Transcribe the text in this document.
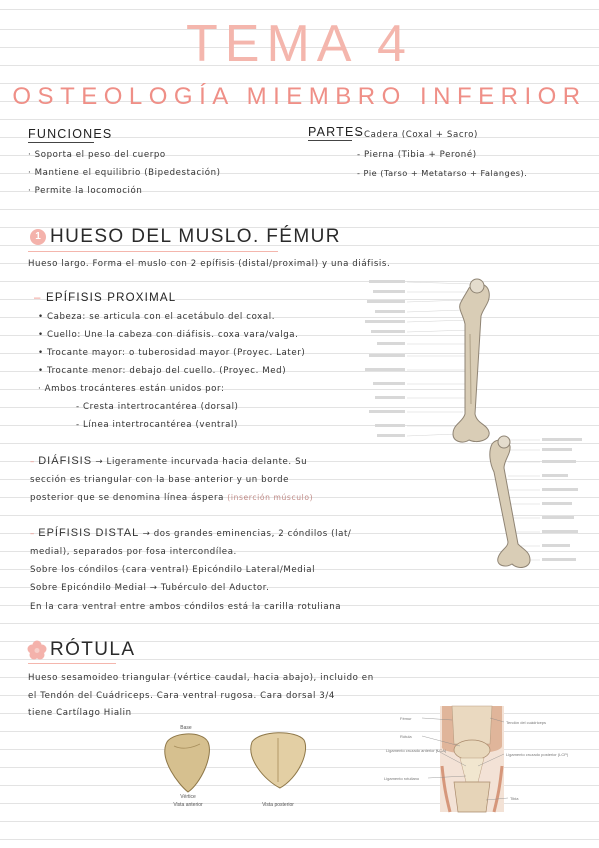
TEMA 4
OSTEOLOGÍA MIEMBRO INFERIOR
FUNCIONES
· Soporta el peso del cuerpo
· Mantiene el equilibrio (Bipedestación)
· Permite la locomoción
PARTES
- Cadera (Coxal + Sacro)
- Pierna (Tibia + Peroné)
- Pie (Tarso + Metatarso + Falanges).
1 HUESO DEL MUSLO. FÉMUR
Hueso largo. Forma el muslo con 2 epífisis (distal/proximal) y una diáfisis.
– EPÍFISIS PROXIMAL
• Cabeza: se articula con el acetábulo del coxal.
• Cuello: Une la cabeza con diáfisis. coxa vara/valga.
• Trocante mayor: o tuberosidad mayor (Proyec. Later)
• Trocante menor: debajo del cuello. (Proyec. Med)
· Ambos trocánteres están unidos por:
- Cresta intertrocantérea (dorsal)
- Línea intertrocantérea (ventral)
– DIÁFISIS → Ligeramente incurvada hacia delante. Su
sección es triangular con la base anterior y un borde
posterior que se denomina línea áspera (inserción músculo)
– EPÍFISIS DISTAL → dos grandes eminencias, 2 cóndilos (lat/
medial), separados por fosa intercondílea.
Sobre los cóndilos (cara ventral) Epicóndilo Lateral/Medial
Sobre Epicóndilo Medial → Tubérculo del Aductor.
En la cara ventral entre ambos cóndilos está la carilla rotuliana
RÓTULA
Hueso sesamoideo triangular (vértice caudal, hacia abajo), incluido en
el Tendón del Cuádriceps. Cara ventral rugosa. Cara dorsal 3/4
tiene Cartílago Hialin
Base
Vértice
Vista anterior	Vista posterior
Fémur
Rótula
Ligamento cruzado anterior (LCA)
Ligamento rotuliano
Tendón del cuádriceps
Ligamento cruzado posterior (LCP)
Tibia
